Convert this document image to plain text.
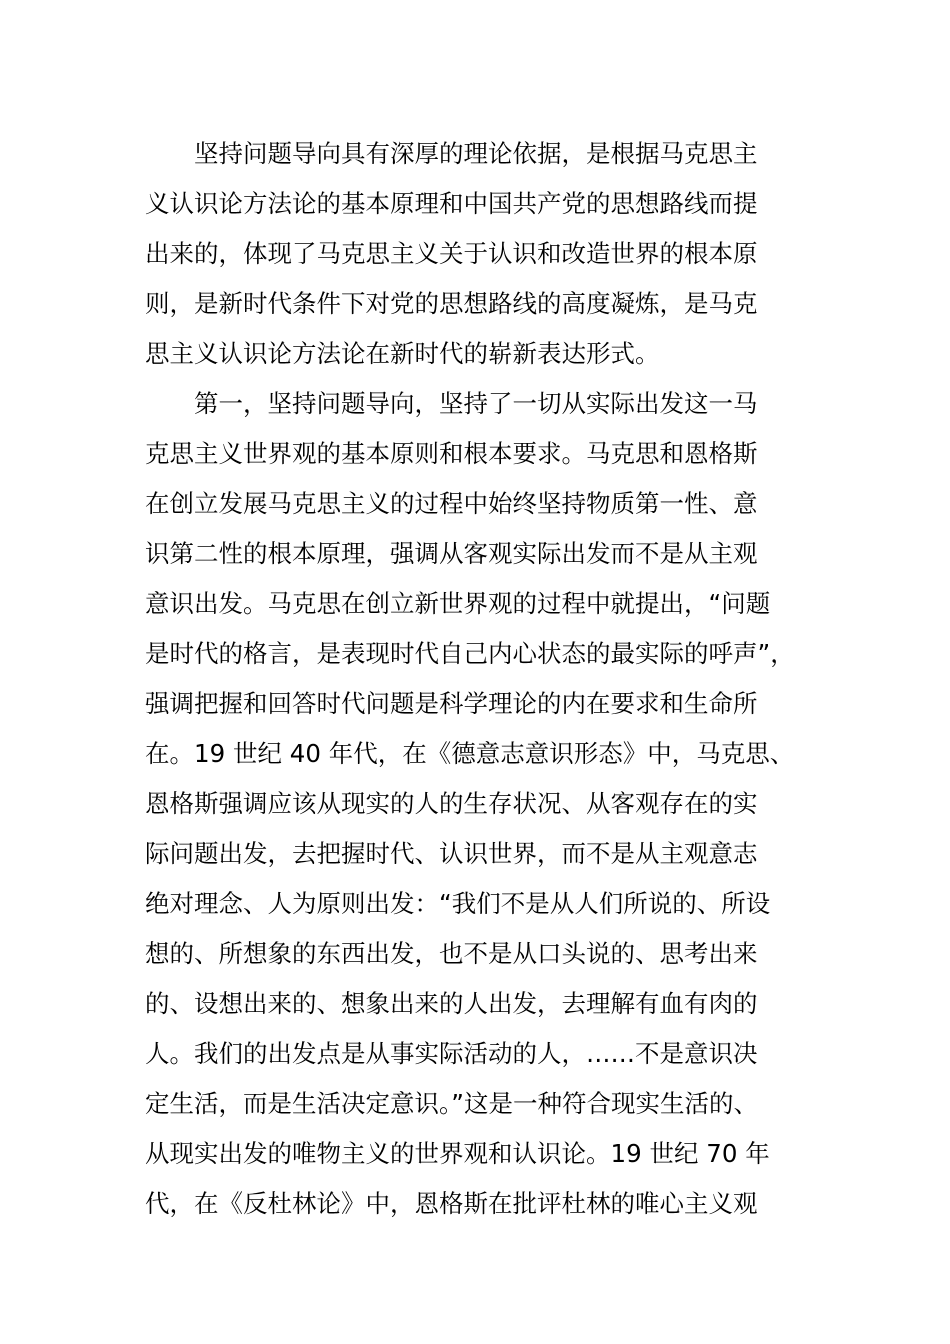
坚持问题导向具有深厚的理论依据，是根据马克思主
义认识论方法论的基本原理和中国共产党的思想路线而提
出来的，体现了马克思主义关于认识和改造世界的根本原
则，是新时代条件下对党的思想路线的高度凝炼，是马克
思主义认识论方法论在新时代的崭新表达形式。
第一，坚持问题导向，坚持了一切从实际出发这一马
克思主义世界观的基本原则和根本要求。马克思和恩格斯
在创立发展马克思主义的过程中始终坚持物质第一性、意
识第二性的根本原理，强调从客观实际出发而不是从主观
意识出发。马克思在创立新世界观的过程中就提出，“问题
是时代的格言，是表现时代自己内心状态的最实际的呼声”，
强调把握和回答时代问题是科学理论的内在要求和生命所
在。19 世纪 40 年代，在《德意志意识形态》中，马克思、
恩格斯强调应该从现实的人的生存状况、从客观存在的实
际问题出发，去把握时代、认识世界，而不是从主观意志
绝对理念、人为原则出发：“我们不是从人们所说的、所设
想的、所想象的东西出发，也不是从口头说的、思考出来
的、设想出来的、想象出来的人出发，去理解有血有肉的
人。我们的出发点是从事实际活动的人，……不是意识决
定生活，而是生活决定意识。”这是一种符合现实生活的、
从现实出发的唯物主义的世界观和认识论。19 世纪 70 年
代，在《反杜林论》中，恩格斯在批评杜林的唯心主义观
